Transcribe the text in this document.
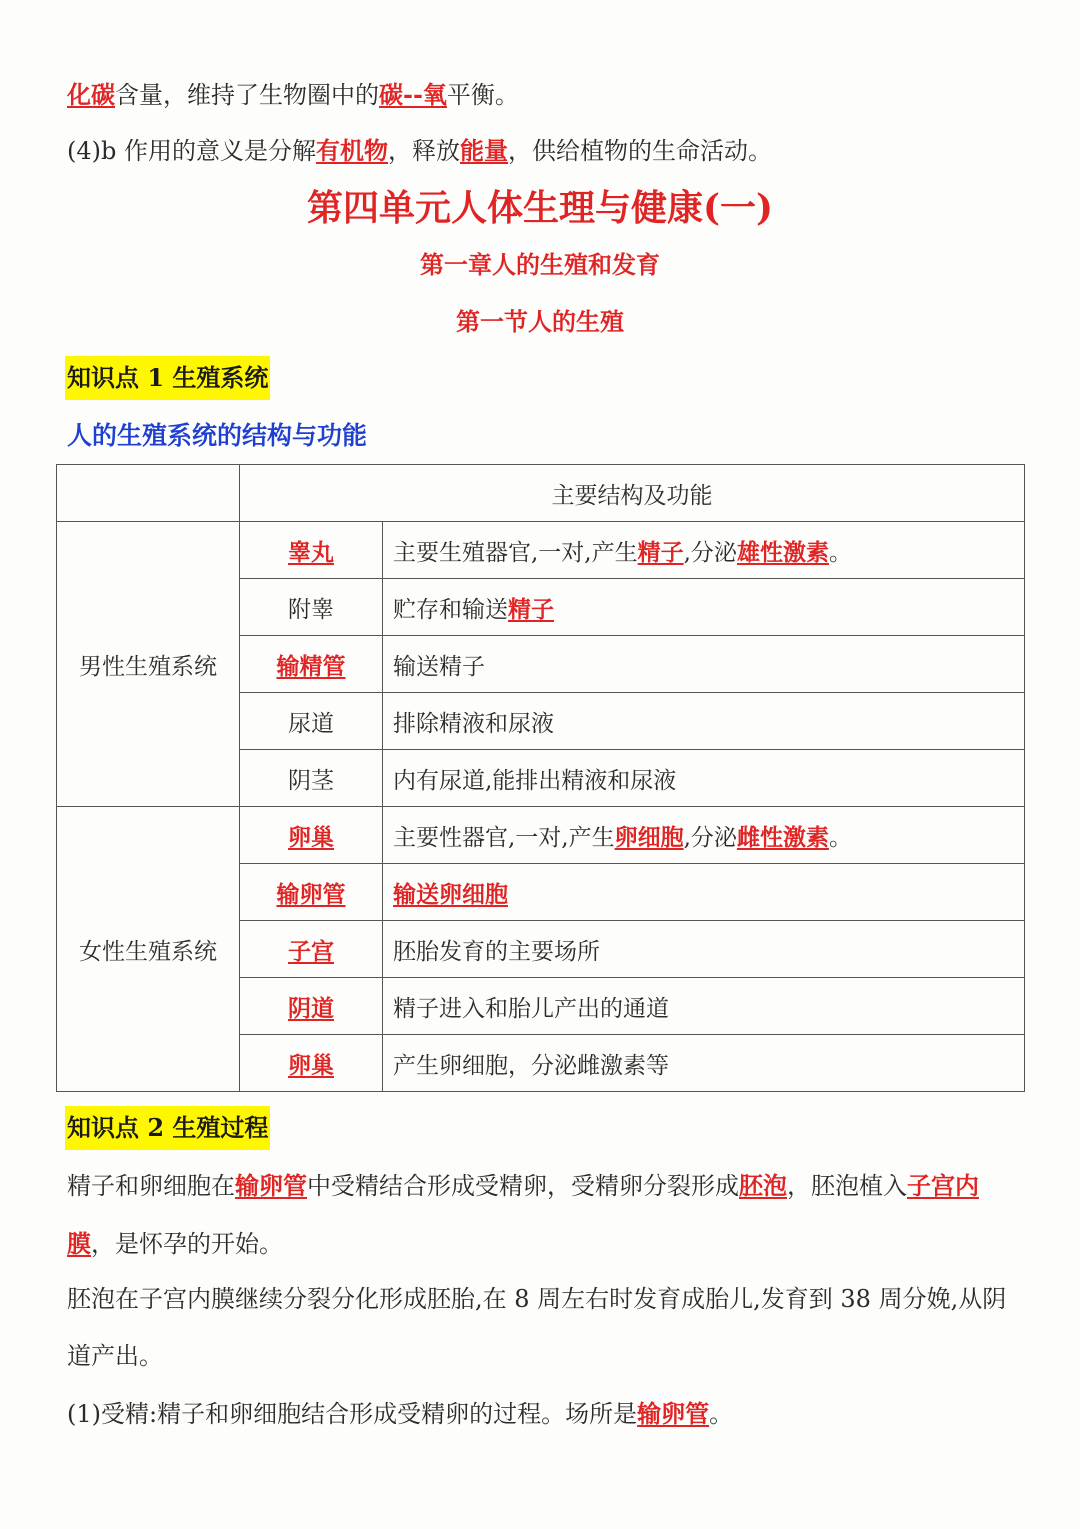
化碳含量，维持了生物圈中的碳--氧平衡。
(4)b 作用的意义是分解有机物，释放能量，供给植物的生命活动。
第四单元人体生理与健康(一)
第一章人的生殖和发育
第一节人的生殖
知识点 1 生殖系统
人的生殖系统的结构与功能
	主要结构及功能	
男性生殖系统	睾丸	主要生殖器官,一对,产生精子,分泌雄性激素。
	附睾	贮存和输送精子
	输精管	输送精子
	尿道	排除精液和尿液
	阴茎	内有尿道,能排出精液和尿液
女性生殖系统	卵巢	主要性器官,一对,产生卵细胞,分泌雌性激素。
	输卵管	输送卵细胞
	子宫	胚胎发育的主要场所
	阴道	精子进入和胎儿产出的通道
	卵巢	产生卵细胞，分泌雌激素等
知识点 2 生殖过程
精子和卵细胞在输卵管中受精结合形成受精卵，受精卵分裂形成胚泡，胚泡植入子宫内膜，是怀孕的开始。
胚泡在子宫内膜继续分裂分化形成胚胎,在 8 周左右时发育成胎儿,发育到 38 周分娩,从阴道产出。
(1)受精:精子和卵细胞结合形成受精卵的过程。场所是输卵管。
